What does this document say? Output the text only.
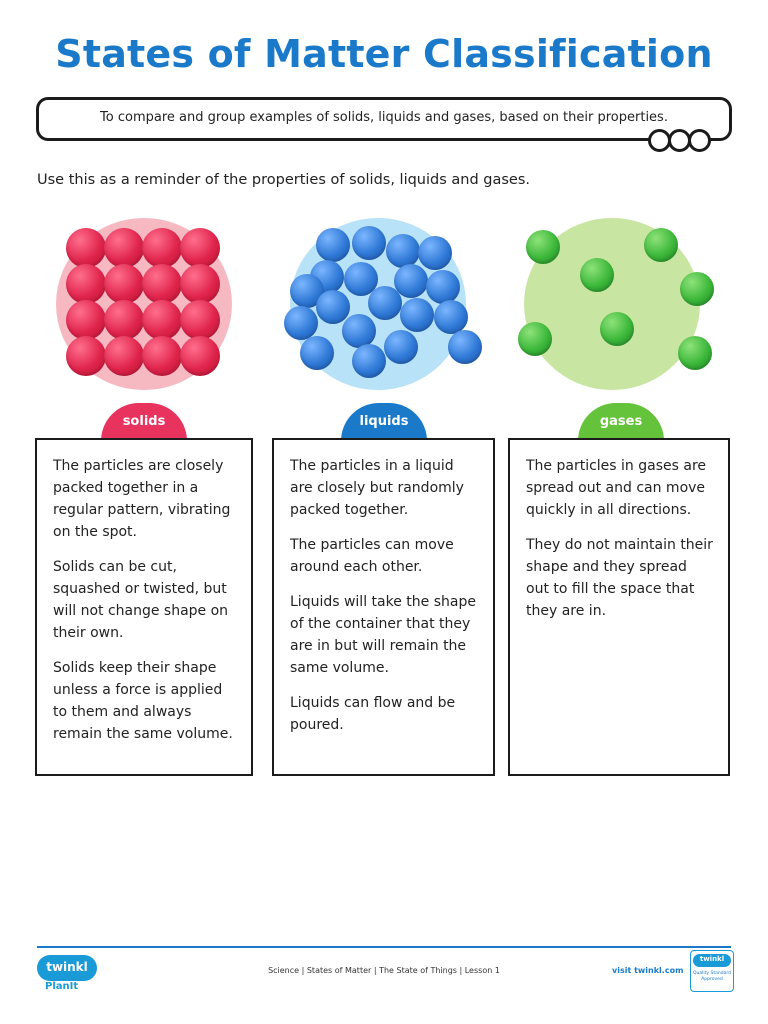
States of Matter Classification
To compare and group examples of solids, liquids and gases, based on their properties.
Use this as a reminder of the properties of solids, liquids and gases.
solids	liquids	gases

The particles are closely packed together in a regular pattern, vibrating on the spot.

Solids can be cut, squashed or twisted, but will not change shape on their own.

Solids keep their shape unless a force is applied to them and always remain the same volume.

The particles in a liquid are closely but randomly packed together.

The particles can move around each other.

Liquids will take the shape of the container that they are in but will remain the same volume.

Liquids can flow and be poured.

The particles in gases are spread out and can move quickly in all directions.

They do not maintain their shape and they spread out to fill the space that they are in.

twinkl
PlanIt
Science | States of Matter | The State of Things | Lesson 1	visit twinkl.com
twinkl
Quality Standard Approved
